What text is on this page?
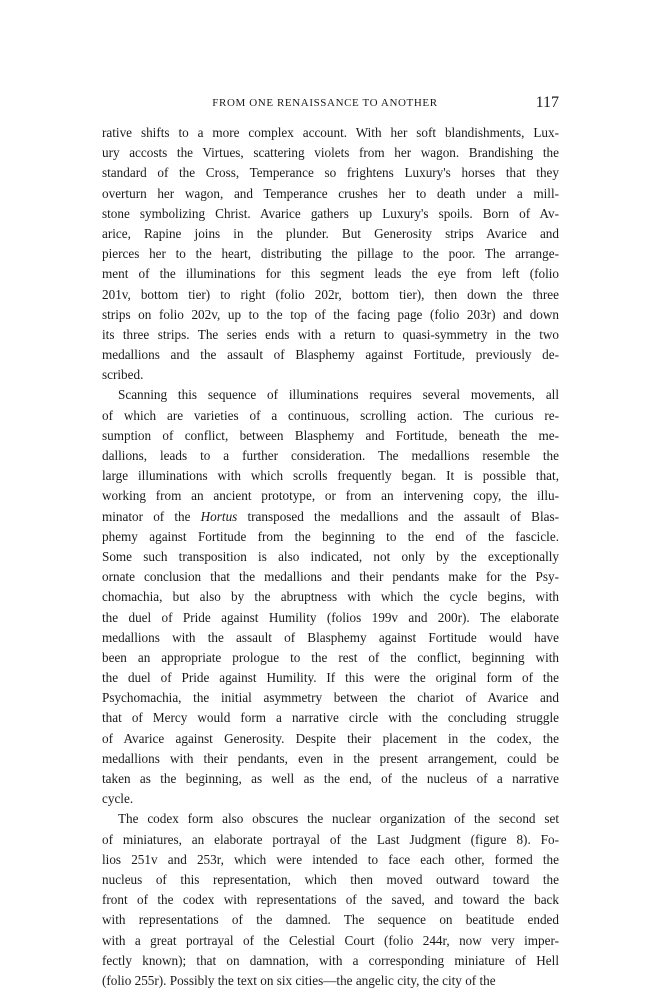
FROM ONE RENAISSANCE TO ANOTHER	117
rative shifts to a more complex account. With her soft blandishments, Lux-
ury accosts the Virtues, scattering violets from her wagon. Brandishing the
standard of the Cross, Temperance so frightens Luxury's horses that they
overturn her wagon, and Temperance crushes her to death under a mill-
stone symbolizing Christ. Avarice gathers up Luxury's spoils. Born of Av-
arice, Rapine joins in the plunder. But Generosity strips Avarice and
pierces her to the heart, distributing the pillage to the poor. The arrange-
ment of the illuminations for this segment leads the eye from left (folio
201v, bottom tier) to right (folio 202r, bottom tier), then down the three
strips on folio 202v, up to the top of the facing page (folio 203r) and down
its three strips. The series ends with a return to quasi-symmetry in the two
medallions and the assault of Blasphemy against Fortitude, previously de-
scribed.
Scanning this sequence of illuminations requires several movements, all
of which are varieties of a continuous, scrolling action. The curious re-
sumption of conflict, between Blasphemy and Fortitude, beneath the me-
dallions, leads to a further consideration. The medallions resemble the
large illuminations with which scrolls frequently began. It is possible that,
working from an ancient prototype, or from an intervening copy, the illu-
minator of the Hortus transposed the medallions and the assault of Blas-
phemy against Fortitude from the beginning to the end of the fascicle.
Some such transposition is also indicated, not only by the exceptionally
ornate conclusion that the medallions and their pendants make for the Psy-
chomachia, but also by the abruptness with which the cycle begins, with
the duel of Pride against Humility (folios 199v and 200r). The elaborate
medallions with the assault of Blasphemy against Fortitude would have
been an appropriate prologue to the rest of the conflict, beginning with
the duel of Pride against Humility. If this were the original form of the
Psychomachia, the initial asymmetry between the chariot of Avarice and
that of Mercy would form a narrative circle with the concluding struggle
of Avarice against Generosity. Despite their placement in the codex, the
medallions with their pendants, even in the present arrangement, could be
taken as the beginning, as well as the end, of the nucleus of a narrative
cycle.
The codex form also obscures the nuclear organization of the second set
of miniatures, an elaborate portrayal of the Last Judgment (figure 8). Fo-
lios 251v and 253r, which were intended to face each other, formed the
nucleus of this representation, which then moved outward toward the
front of the codex with representations of the saved, and toward the back
with representations of the damned. The sequence on beatitude ended
with a great portrayal of the Celestial Court (folio 244r, now very imper-
fectly known); that on damnation, with a corresponding miniature of Hell
(folio 255r). Possibly the text on six cities—the angelic city, the city of the
